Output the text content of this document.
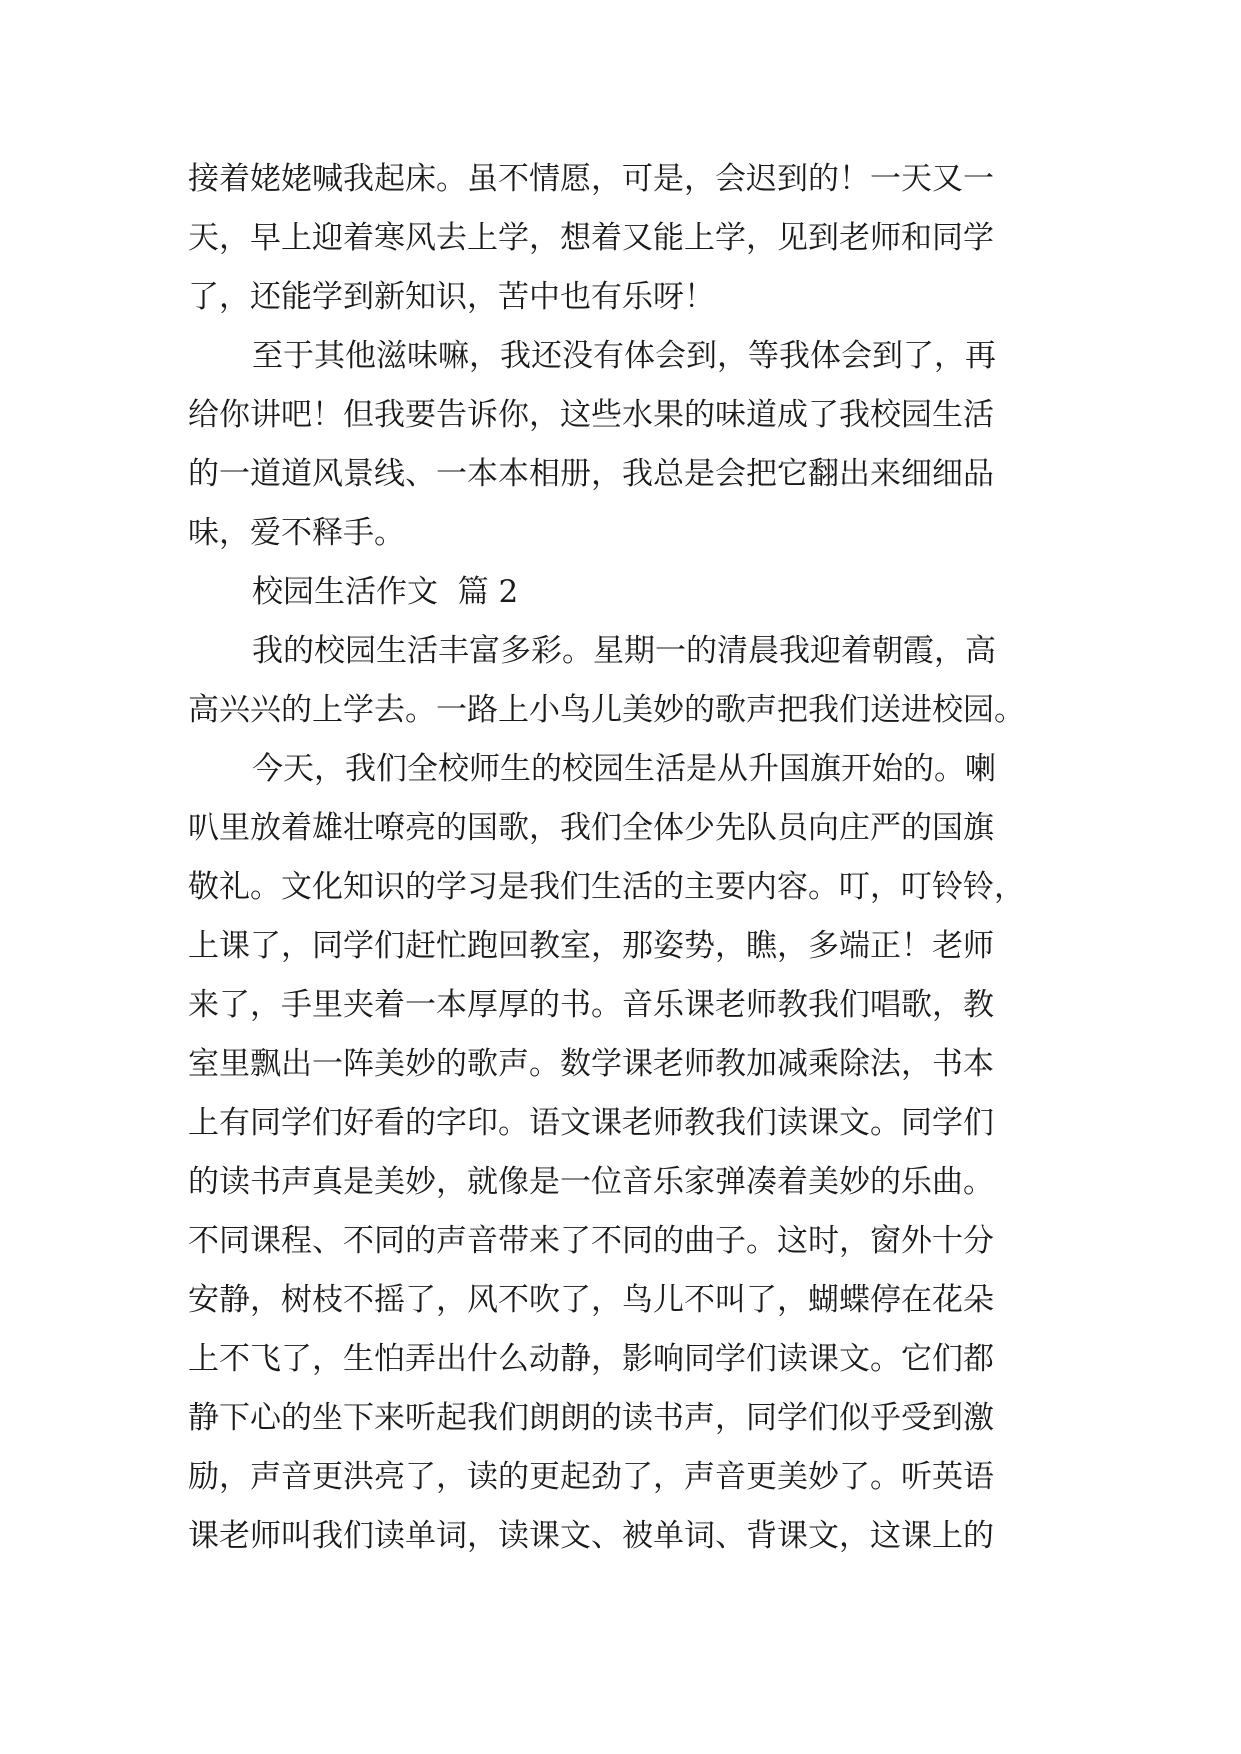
接着姥姥喊我起床。虽不情愿，可是，会迟到的！一天又一
天，早上迎着寒风去上学，想着又能上学，见到老师和同学
了，还能学到新知识，苦中也有乐呀！
至于其他滋味嘛，我还没有体会到，等我体会到了，再
给你讲吧！但我要告诉你，这些水果的味道成了我校园生活
的一道道风景线、一本本相册，我总是会把它翻出来细细品
味，爱不释手。
校园生活作文  篇 2
我的校园生活丰富多彩。星期一的清晨我迎着朝霞，高
高兴兴的上学去。一路上小鸟儿美妙的歌声把我们送进校园。
今天，我们全校师生的校园生活是从升国旗开始的。喇
叭里放着雄壮嘹亮的国歌，我们全体少先队员向庄严的国旗
敬礼。文化知识的学习是我们生活的主要内容。叮，叮铃铃，
上课了，同学们赶忙跑回教室，那姿势，瞧，多端正！老师
来了，手里夹着一本厚厚的书。音乐课老师教我们唱歌，教
室里飘出一阵美妙的歌声。数学课老师教加减乘除法，书本
上有同学们好看的字印。语文课老师教我们读课文。同学们
的读书声真是美妙，就像是一位音乐家弹凑着美妙的乐曲。
不同课程、不同的声音带来了不同的曲子。这时，窗外十分
安静，树枝不摇了，风不吹了，鸟儿不叫了，蝴蝶停在花朵
上不飞了，生怕弄出什么动静，影响同学们读课文。它们都
静下心的坐下来听起我们朗朗的读书声，同学们似乎受到激
励，声音更洪亮了，读的更起劲了，声音更美妙了。听英语
课老师叫我们读单词，读课文、被单词、背课文，这课上的
